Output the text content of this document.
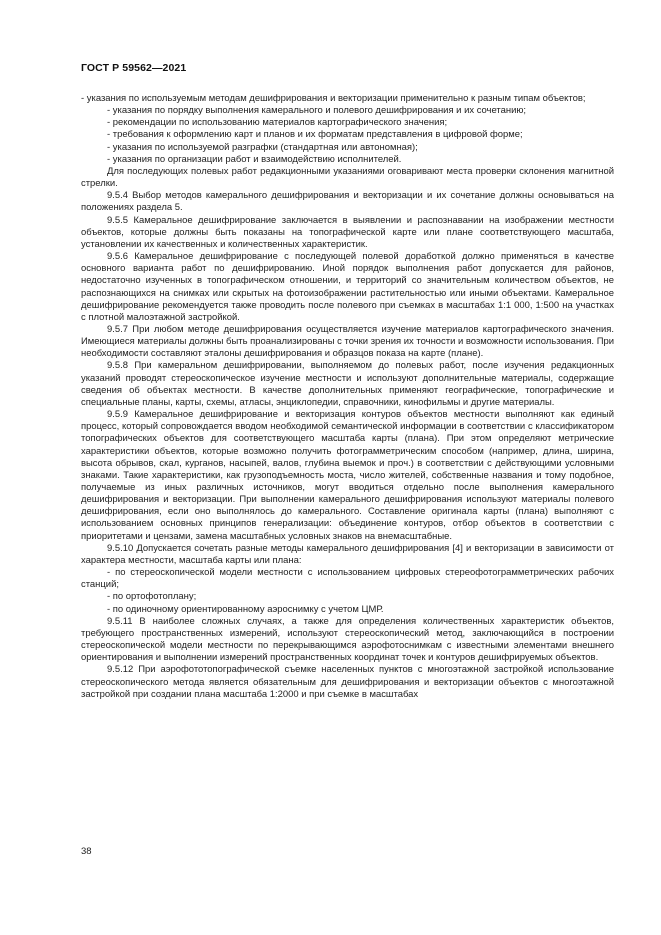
ГОСТ Р 59562—2021

- указания по используемым методам дешифрирования и векторизации применительно к разным типам объектов;

- указания по порядку выполнения камерального и полевого дешифрирования и их сочетанию;

- рекомендации по использованию материалов картографического значения;

- требования к оформлению карт и планов и их форматам представления в цифровой форме;

- указания по используемой разграфки (стандартная или автономная);

- указания по организации работ и взаимодействию исполнителей.

Для последующих полевых работ редакционными указаниями оговаривают места проверки склонения магнитной стрелки.

9.5.4 Выбор методов камерального дешифрирования и векторизации и их сочетание должны основываться на положениях раздела 5.

9.5.5 Камеральное дешифрирование заключается в выявлении и распознавании на изображении местности объектов, которые должны быть показаны на топографической карте или плане соответствующего масштаба, установлении их качественных и количественных характеристик.

9.5.6 Камеральное дешифрирование с последующей полевой доработкой должно применяться в качестве основного варианта работ по дешифрированию. Иной порядок выполнения работ допускается для районов, недостаточно изученных в топографическом отношении, и территорий со значительным количеством объектов, не распознающихся на снимках или скрытых на фотоизображении растительностью или иными объектами. Камеральное дешифрирование рекомендуется также проводить после полевого при съемках в масштабах 1:1 000, 1:500 на участках с плотной малоэтажной застройкой.

9.5.7 При любом методе дешифрирования осуществляется изучение материалов картографического значения. Имеющиеся материалы должны быть проанализированы с точки зрения их точности и возможности использования. При необходимости составляют эталоны дешифрирования и образцов показа на карте (плане).

9.5.8 При камеральном дешифрировании, выполняемом до полевых работ, после изучения редакционных указаний проводят стереоскопическое изучение местности и используют дополнительные материалы, содержащие сведения об объектах местности. В качестве дополнительных применяют географические, топографические и специальные планы, карты, схемы, атласы, энциклопедии, справочники, кинофильмы и другие материалы.

9.5.9 Камеральное дешифрирование и векторизация контуров объектов местности выполняют как единый процесс, который сопровождается вводом необходимой семантической информации в соответствии с классификатором топографических объектов для соответствующего масштаба карты (плана). При этом определяют метрические характеристики объектов, которые возможно получить фотограмметрическим способом (например, длина, ширина, высота обрывов, скал, курганов, насыпей, валов, глубина выемок и проч.) в соответствии с действующими условными знаками. Такие характеристики, как грузоподъемность моста, число жителей, собственные названия и тому подобное, получаемые из иных различных источников, могут вводиться отдельно после выполнения камерального дешифрирования и векторизации. При выполнении камерального дешифрирования используют материалы полевого дешифрирования, если оно выполнялось до камерального. Составление оригинала карты (плана) выполняют с использованием основных принципов генерализации: объединение контуров, отбор объектов в соответствии с приоритетами и цензами, замена масштабных условных знаков на внемасштабные.

9.5.10 Допускается сочетать разные методы камерального дешифрирования [4] и векторизации в зависимости от характера местности, масштаба карты или плана:

- по стереоскопической модели местности с использованием цифровых стереофотограмметрических рабочих станций;

- по ортофотоплану;

- по одиночному ориентированному аэроснимку с учетом ЦМР.

9.5.11 В наиболее сложных случаях, а также для определения количественных характеристик объектов, требующего пространственных измерений, используют стереоскопический метод, заключающийся в построении стереоскопической модели местности по перекрывающимся аэрофотоснимкам с известными элементами внешнего ориентирования и выполнении измерений пространственных координат точек и контуров дешифрируемых объектов.

9.5.12 При аэрофототопографической съемке населенных пунктов с многоэтажной застройкой использование стереоскопического метода является обязательным для дешифрирования и векторизации объектов с многоэтажной застройкой при создании плана масштаба 1:2000 и при съемке в масштабах

38
